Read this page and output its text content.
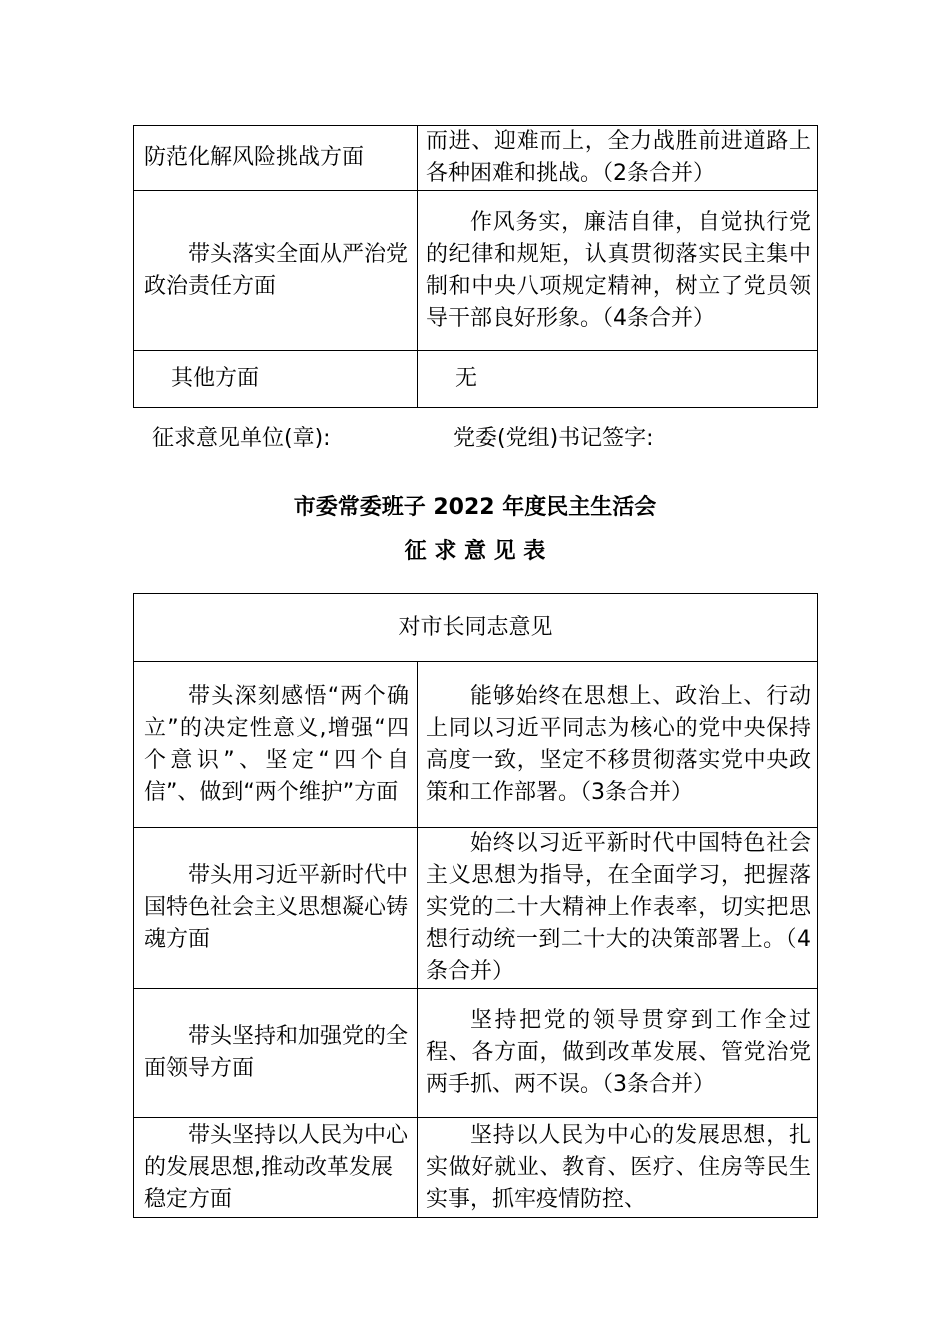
防范化解风险挑战方面	而进、迎难而上，全力战胜前进道路上各种困难和挑战。（2条合并）
带头落实全面从严治党政治责任方面	作风务实，廉洁自律，自觉执行党的纪律和规矩，认真贯彻落实民主集中制和中央八项规定精神，树立了党员领导干部良好形象。（4条合并）
其他方面	无
征求意见单位(章):	党委(党组)书记签字:
市委常委班子 2022 年度民主生活会
征 求 意 见 表
对市长同志意见	
带头深刻感悟“两个确立”的决定性意义,增强“四个意识”、坚定“四个自信”、做到“两个维护”方面	能够始终在思想上、政治上、行动上同以习近平同志为核心的党中央保持高度一致，坚定不移贯彻落实党中央政策和工作部署。（3条合并）
带头用习近平新时代中国特色社会主义思想凝心铸魂方面	始终以习近平新时代中国特色社会主义思想为指导，在全面学习，把握落实党的二十大精神上作表率，切实把思想行动统一到二十大的决策部署上。（4条合并）
带头坚持和加强党的全面领导方面	坚持把党的领导贯穿到工作全过程、各方面，做到改革发展、管党治党两手抓、两不误。（3条合并）
带头坚持以人民为中心的发展思想,推动改革发展稳定方面	坚持以人民为中心的发展思想，扎实做好就业、教育、医疗、住房等民生实事，抓牢疫情防控、
